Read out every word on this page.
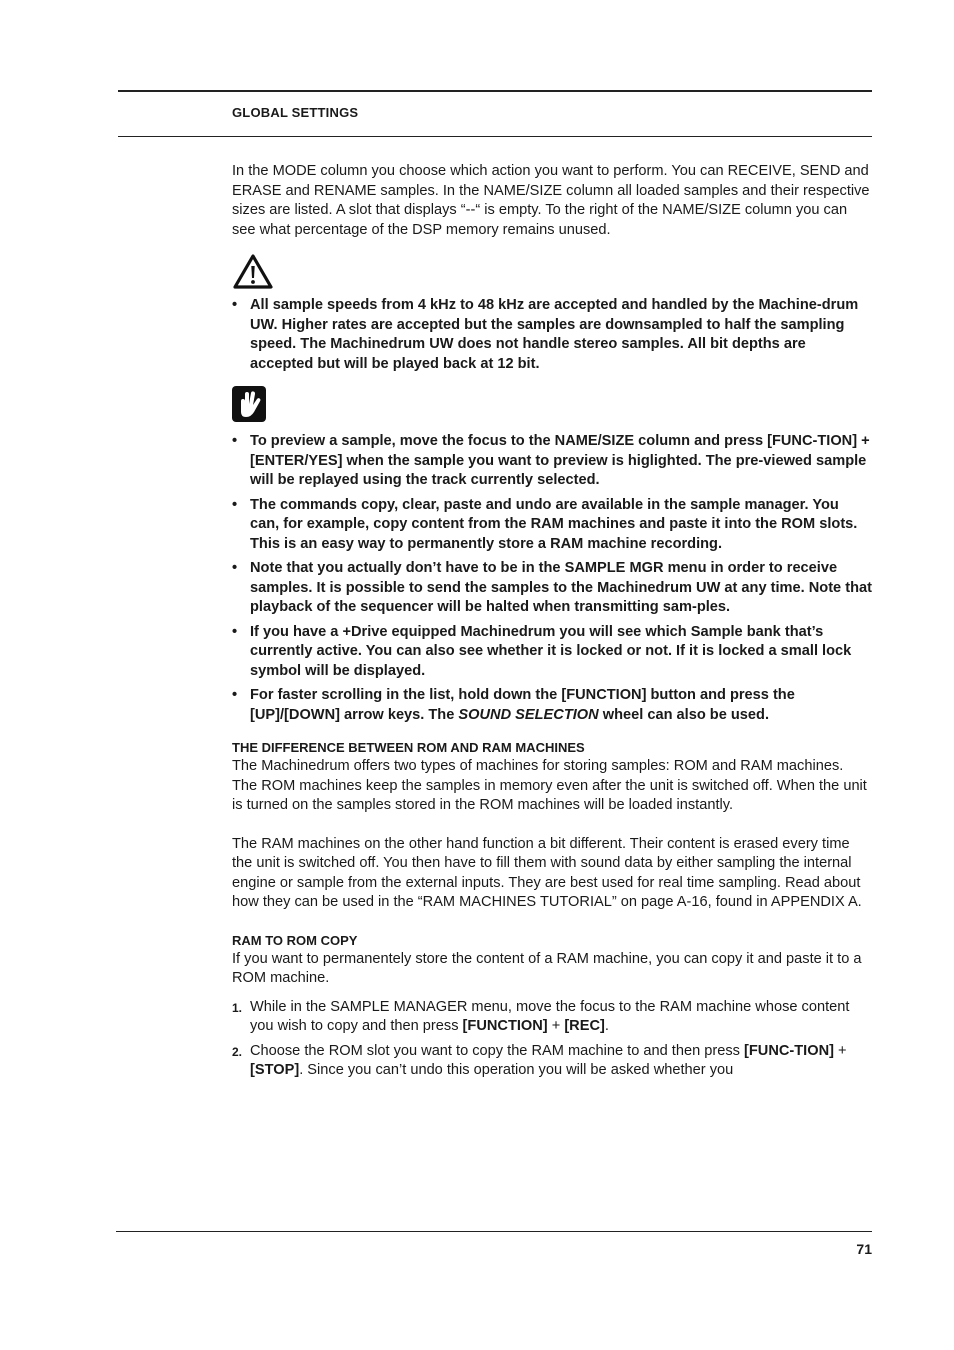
GLOBAL SETTINGS

In the MODE column you choose which action you want to perform. You can RECEIVE, SEND and ERASE and RENAME samples. In the NAME/SIZE column all loaded samples and their respective sizes are listed. A slot that displays “--“ is empty. To the right of the NAME/SIZE column you can see what percentage of the DSP memory remains unused.

• All sample speeds from 4 kHz to 48 kHz are accepted and handled by the Machine-drum UW. Higher rates are accepted but the samples are downsampled to half the sampling speed. The Machinedrum UW does not handle stereo samples. All bit depths are accepted but will be played back at 12 bit.
• To preview a sample, move the focus to the NAME/SIZE column and press [FUNC-TION] + [ENTER/YES] when the sample you want to preview is higlighted. The pre-viewed sample will be replayed using the track currently selected.
• The commands copy, clear, paste and undo are available in the sample manager. You can, for example, copy content from the RAM machines and paste it into the ROM slots. This is an easy way to permanently store a RAM machine recording.
• Note that you actually don’t have to be in the SAMPLE MGR menu in order to receive samples. It is possible to send the samples to the Machinedrum UW at any time. Note that playback of the sequencer will be halted when transmitting sam-ples.
• If you have a +Drive equipped Machinedrum you will see which Sample bank that’s currently active. You can also see whether it is locked or not. If it is locked a small lock symbol will be displayed.
• For faster scrolling in the list, hold down the [FUNCTION] button and press the [UP]/[DOWN] arrow keys. The SOUND SELECTION wheel can also be used.
THE DIFFERENCE BETWEEN ROM AND RAM MACHINES

The Machinedrum offers two types of machines for storing samples: ROM and RAM machines. The ROM machines keep the samples in memory even after the unit is switched off. When the unit is turned on the samples stored in the ROM machines will be loaded instantly.

The RAM machines on the other hand function a bit different. Their content is erased every time the unit is switched off. You then have to fill them with sound data by either sampling the internal engine or sample from the external inputs. They are best used for real time sampling. Read about how they can be used in the “RAM MACHINES TUTORIAL” on page A-16, found in APPENDIX A.

RAM TO ROM COPY

If you want to permanentely store the content of a RAM machine, you can copy it and paste it to a ROM machine.

1. While in the SAMPLE MANAGER menu, move the focus to the RAM machine whose content you wish to copy and then press [FUNCTION] + [REC].
2. Choose the ROM slot you want to copy the RAM machine to and then press [FUNC-TION] + [STOP]. Since you can’t undo this operation you will be asked whether you
71
